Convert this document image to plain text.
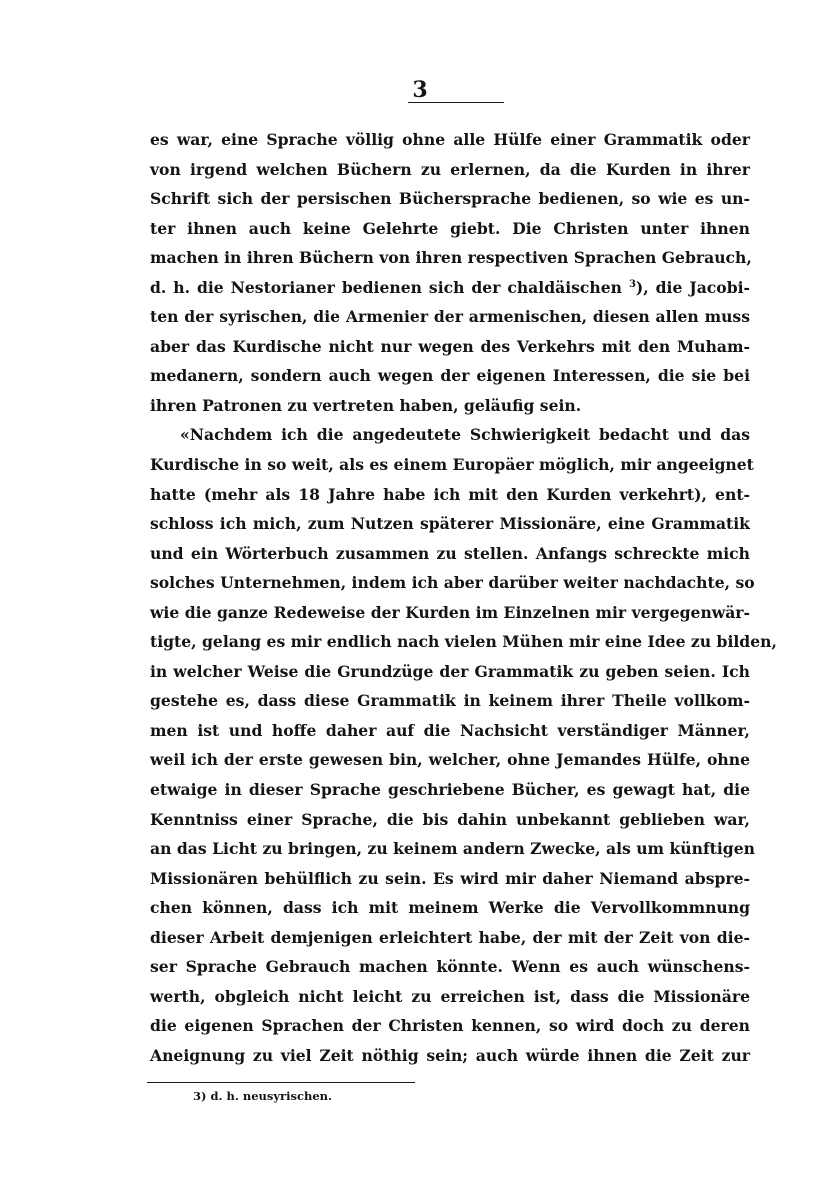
3
es war, eine Sprache völlig ohne alle Hülfe einer Grammatik oder
von irgend welchen Büchern zu erlernen, da die Kurden in ihrer
Schrift sich der persischen Büchersprache bedienen, so wie es un-
ter ihnen auch keine Gelehrte giebt. Die Christen unter ihnen
machen in ihren Büchern von ihren respectiven Sprachen Gebrauch,
d. h. die Nestorianer bedienen sich der chaldäischen $^3$), die Jacobi-
ten der syrischen, die Armenier der armenischen, diesen allen muss
aber das Kurdische nicht nur wegen des Verkehrs mit den Muham-
medanern, sondern auch wegen der eigenen Interessen, die sie bei
ihren Patronen zu vertreten haben, geläufig sein.
«Nachdem ich die angedeutete Schwierigkeit bedacht und das
Kurdische in so weit, als es einem Europäer möglich, mir angeeignet
hatte (mehr als 18 Jahre habe ich mit den Kurden verkehrt), ent-
schloss ich mich, zum Nutzen späterer Missionäre, eine Grammatik
und ein Wörterbuch zusammen zu stellen. Anfangs schreckte mich
solches Unternehmen, indem ich aber darüber weiter nachdachte, so
wie die ganze Redeweise der Kurden im Einzelnen mir vergegenwär-
tigte, gelang es mir endlich nach vielen Mühen mir eine Idee zu bilden,
in welcher Weise die Grundzüge der Grammatik zu geben seien. Ich
gestehe es, dass diese Grammatik in keinem ihrer Theile vollkom-
men ist und hoffe daher auf die Nachsicht verständiger Männer,
weil ich der erste gewesen bin, welcher, ohne Jemandes Hülfe, ohne
etwaige in dieser Sprache geschriebene Bücher, es gewagt hat, die
Kenntniss einer Sprache, die bis dahin unbekannt geblieben war,
an das Licht zu bringen, zu keinem andern Zwecke, als um künftigen
Missionären behülflich zu sein. Es wird mir daher Niemand abspre-
chen können, dass ich mit meinem Werke die Vervollkommnung
dieser Arbeit demjenigen erleichtert habe, der mit der Zeit von die-
ser Sprache Gebrauch machen könnte. Wenn es auch wünschens-
werth, obgleich nicht leicht zu erreichen ist, dass die Missionäre
die eigenen Sprachen der Christen kennen, so wird doch zu deren
Aneignung zu viel Zeit nöthig sein; auch würde ihnen die Zeit zur
3) d. h. neusyrischen.
